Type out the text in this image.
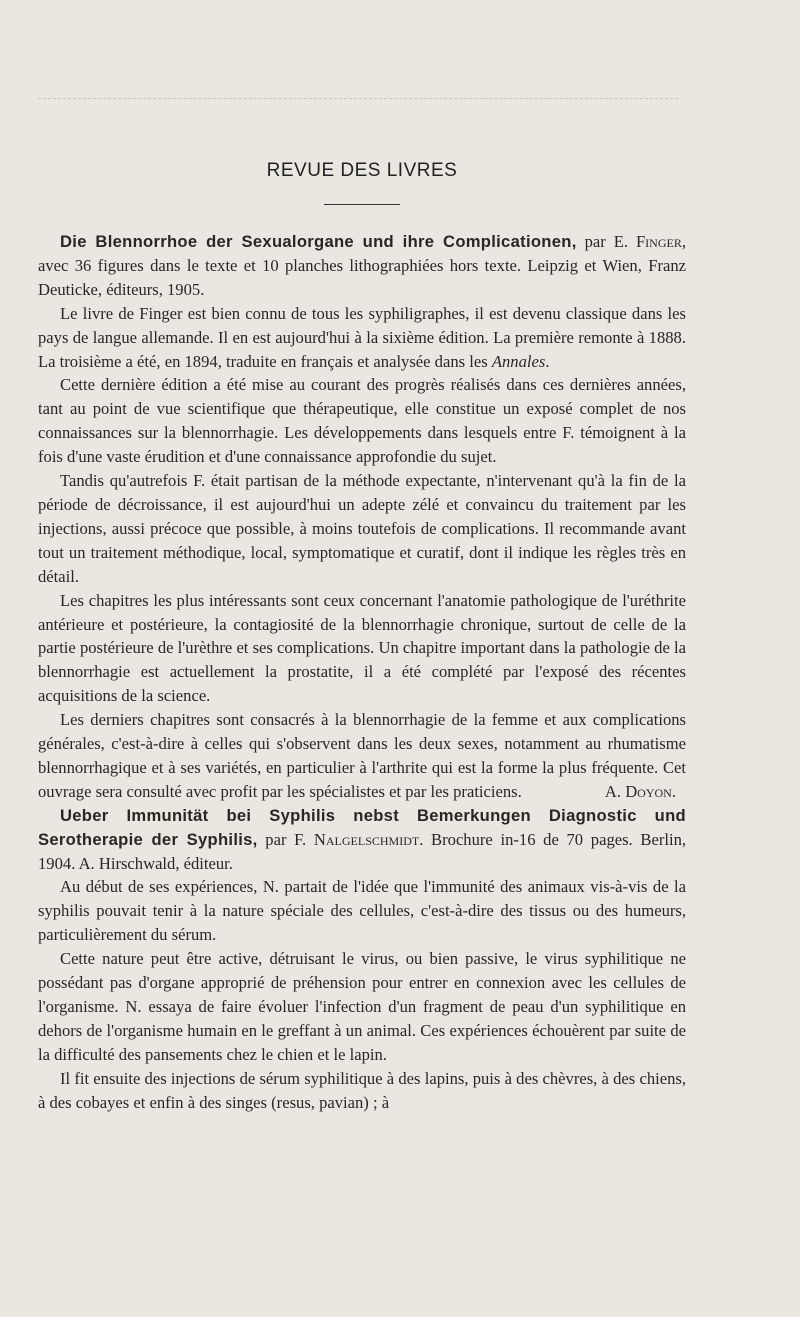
REVUE DES LIVRES

Die Blennorrhoe der Sexualorgane und ihre Complicationen, par E. Finger, avec 36 figures dans le texte et 10 planches lithographiées hors texte. Leipzig et Wien, Franz Deuticke, éditeurs, 1905.

Le livre de Finger est bien connu de tous les syphiligraphes, il est devenu classique dans les pays de langue allemande. Il en est aujourd'hui à la sixième édition. La première remonte à 1888. La troisième a été, en 1894, traduite en français et analysée dans les Annales.

Cette dernière édition a été mise au courant des progrès réalisés dans ces dernières années, tant au point de vue scientifique que thérapeutique, elle constitue un exposé complet de nos connaissances sur la blennorrhagie. Les développements dans lesquels entre F. témoignent à la fois d'une vaste érudition et d'une connaissance approfondie du sujet.

Tandis qu'autrefois F. était partisan de la méthode expectante, n'intervenant qu'à la fin de la période de décroissance, il est aujourd'hui un adepte zélé et convaincu du traitement par les injections, aussi précoce que possible, à moins toutefois de complications. Il recommande avant tout un traitement méthodique, local, symptomatique et curatif, dont il indique les règles très en détail.

Les chapitres les plus intéressants sont ceux concernant l'anatomie pathologique de l'uréthrite antérieure et postérieure, la contagiosité de la blennorrhagie chronique, surtout de celle de la partie postérieure de l'urèthre et ses complications. Un chapitre important dans la pathologie de la blennorrhagie est actuellement la prostatite, il a été complété par l'exposé des récentes acquisitions de la science.

Les derniers chapitres sont consacrés à la blennorrhagie de la femme et aux complications générales, c'est-à-dire à celles qui s'observent dans les deux sexes, notamment au rhumatisme blennorrhagique et à ses variétés, en particulier à l'arthrite qui est la forme la plus fréquente. Cet ouvrage sera consulté avec profit par les spécialistes et par les praticiens.	A. Doyon.

Ueber Immunität bei Syphilis nebst Bemerkungen Diagnostic und Serotherapie der Syphilis, par F. Nalgelschmidt. Brochure in-16 de 70 pages. Berlin, 1904. A. Hirschwald, éditeur.

Au début de ses expériences, N. partait de l'idée que l'immunité des animaux vis-à-vis de la syphilis pouvait tenir à la nature spéciale des cellules, c'est-à-dire des tissus ou des humeurs, particulièrement du sérum.

Cette nature peut être active, détruisant le virus, ou bien passive, le virus syphilitique ne possédant pas d'organe approprié de préhension pour entrer en connexion avec les cellules de l'organisme. N. essaya de faire évoluer l'infection d'un fragment de peau d'un syphilitique en dehors de l'organisme humain en le greffant à un animal. Ces expériences échouèrent par suite de la difficulté des pansements chez le chien et le lapin.

Il fit ensuite des injections de sérum syphilitique à des lapins, puis à des chèvres, à des chiens, à des cobayes et enfin à des singes (resus, pavian) ; à
